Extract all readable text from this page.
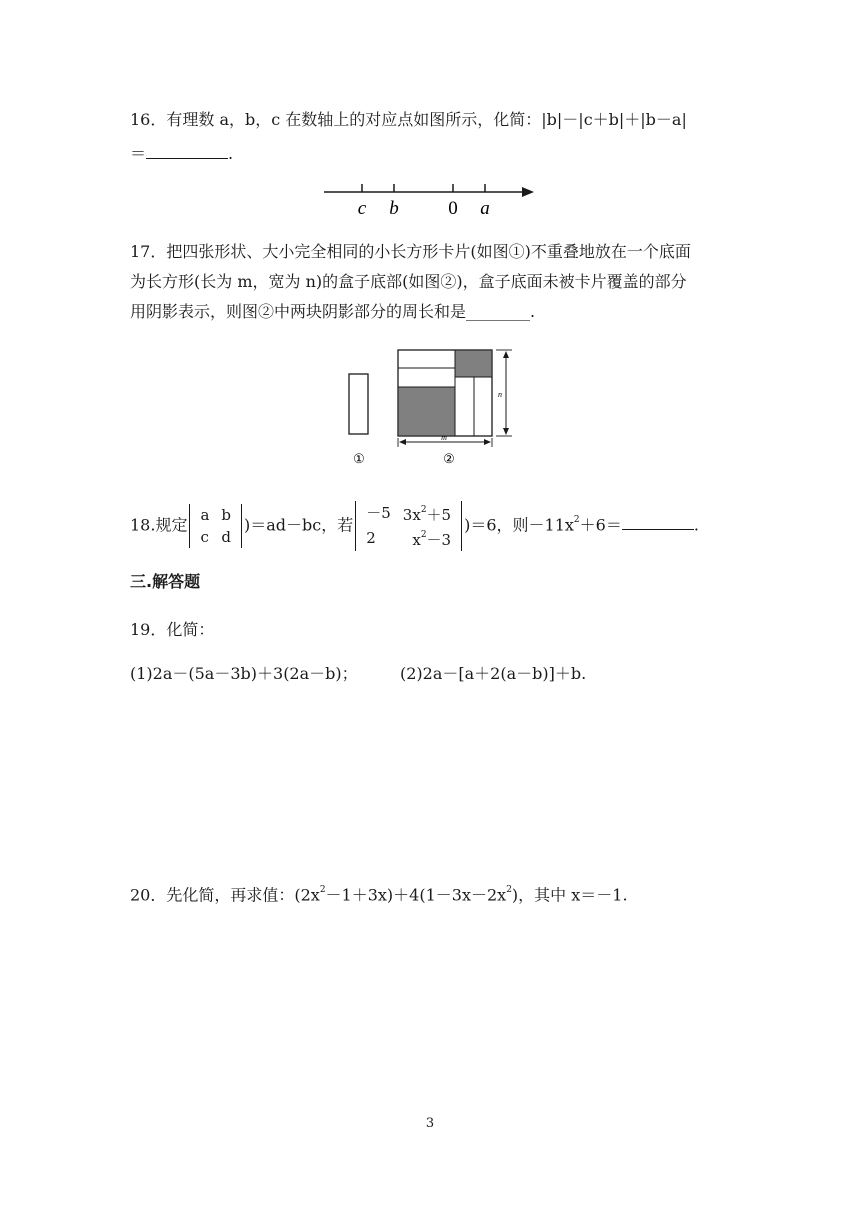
16．有理数 a，b，c 在数轴上的对应点如图所示，化简：|b|－|c＋b|＋|b－a|
＝	.
c b	0 a
17．把四张形状、大小完全相同的小长方形卡片(如图①)不重叠地放在一个底面
为长方形(长为 m，宽为 n)的盒子底部(如图②)，盒子底面未被卡片覆盖的部分
用阴影表示，则图②中两块阴影部分的周长和是________.
n
m
①	②
18.规定
a	b
c	d
)＝ad－bc，若
－5	$3x^2+5$
2	$x^2-3$
)＝6，则$-11x^2+6=$	.
三.解答题
19．化简：
(1)2a－(5a－3b)＋3(2a－b)；	(2)2a－[a＋2(a－b)]＋b.
20．先化简，再求值：$(2x^2-1+3x)+4(1-3x-2x^2)$，其中 x＝－1.
3
